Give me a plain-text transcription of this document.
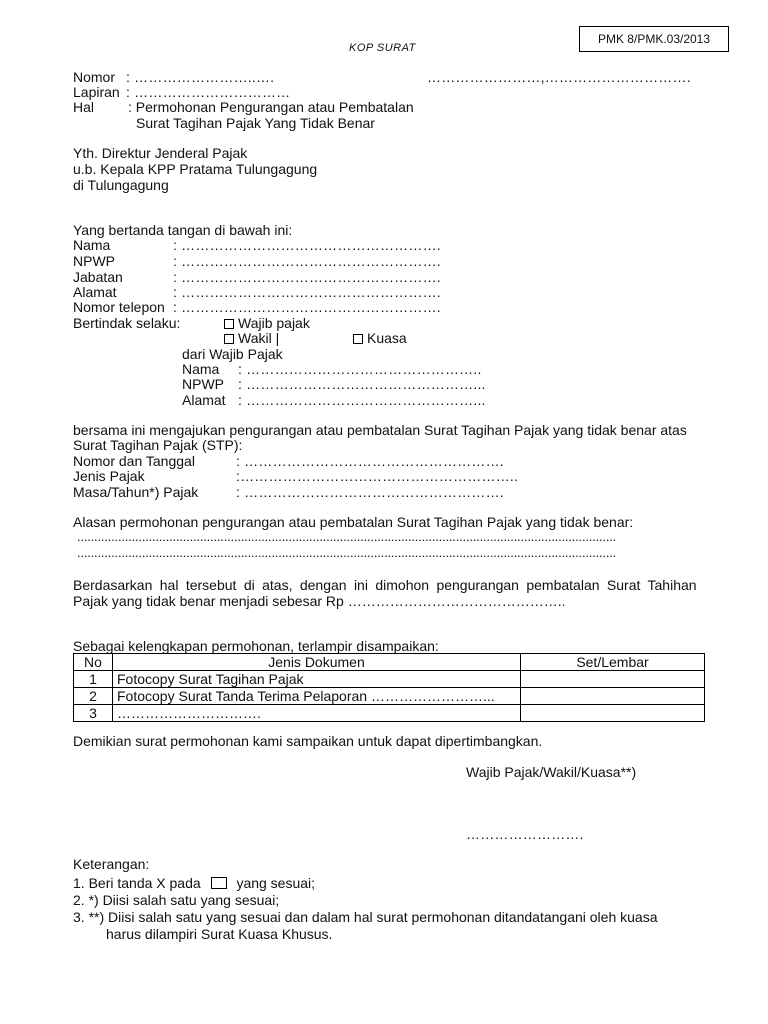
PMK 8/PMK.03/2013
KOP SURAT
Nomor : ……………………..….	……………………,………………………….
Lapiran : ……………………………
Hal : Permohonan Pengurangan atau Pembatalan
Surat Tagihan Pajak Yang Tidak Benar
Yth. Direktur Jenderal Pajak
u.b. Kepala KPP Pratama Tulungagung
di Tulungagung
Yang bertanda tangan di bawah ini:
Nama	: ……………………………………………….
NPWP	: ……………………………………………….
Jabatan	: ……………………………………………….
Alamat	: ……………………………………………….
Nomor telepon : ……………………………………………….
Bertindak selaku:	Wajib pajak
Wakil |	Kuasa
dari Wajib Pajak
Nama : …………………………………………..
NPWP : …………………………………………...
Alamat : …………………………………………...
bersama ini mengajukan pengurangan atau pembatalan Surat Tagihan Pajak yang tidak benar atas
Surat Tagihan Pajak (STP):
Nomor dan Tanggal	: ……………………………………………….
Jenis Pajak	:…………………………………………………..
Masa/Tahun*) Pajak	: ……………………………………………….
Alasan permohonan pengurangan atau pembatalan Surat Tagihan Pajak yang tidak benar:
..............................................................................................................................................................
..............................................................................................................................................................
Berdasarkan hal tersebut di atas, dengan ini dimohon pengurangan pembatalan Surat Tahihan
Pajak yang tidak benar menjadi sebesar Rp ………………………………………..
Sebagai kelengkapan permohonan, terlampir disampaikan:
No	Jenis Dokumen	Set/Lembar
1	Fotocopy Surat Tagihan Pajak	
2	Fotocopy Surat Tanda Terima Pelaporan ……………………...	
3	………………………….	
Demikian surat permohonan kami sampaikan untuk dapat dipertimbangkan.
Wajib Pajak/Wakil/Kuasa**)
…………………….
Keterangan:
1. Beri tanda X pada	yang sesuai;
2. *) Diisi salah satu yang sesuai;
3. **) Diisi salah satu yang sesuai dan dalam hal surat permohonan ditandatangani oleh kuasa
harus dilampiri Surat Kuasa Khusus.
